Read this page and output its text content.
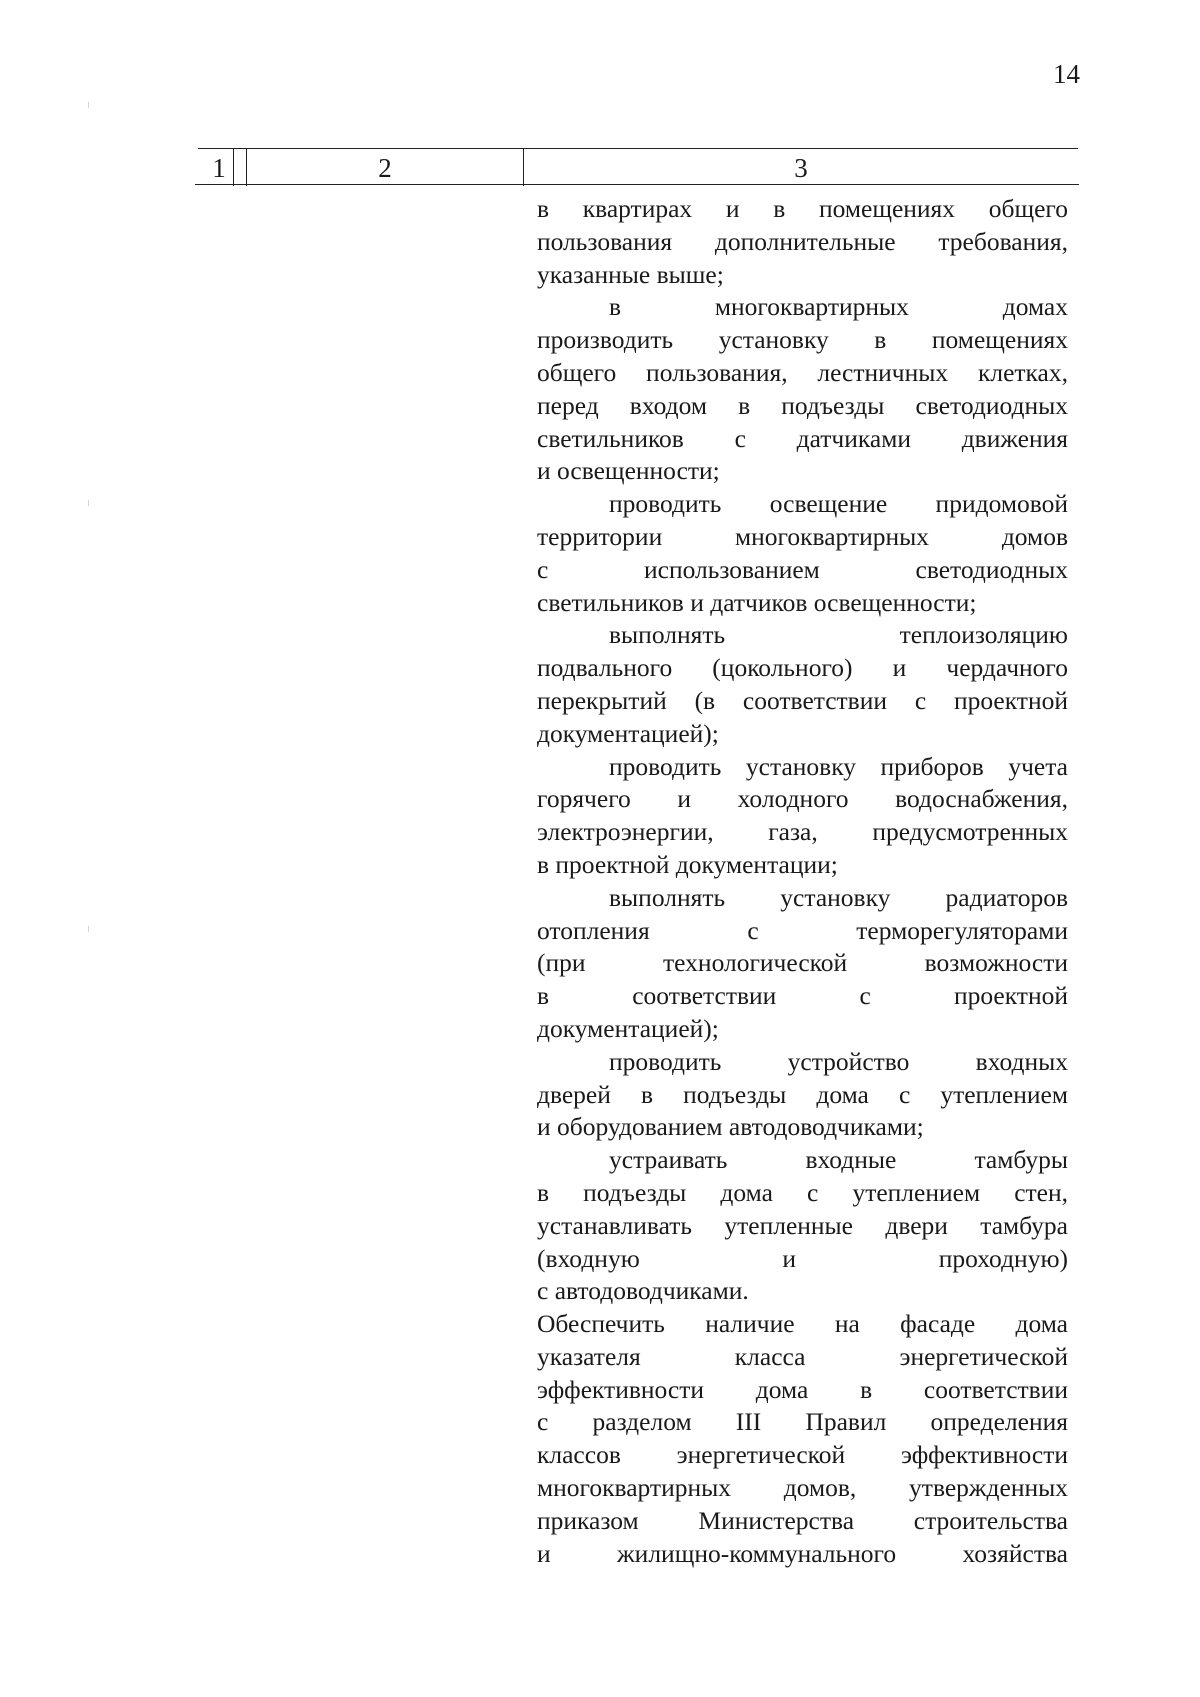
14
1	2	3
в квартирах и в помещениях общего
пользования дополнительные требования,
указанные выше;
в многоквартирных домах
производить установку в помещениях
общего пользования, лестничных клетках,
перед входом в подъезды светодиодных
светильников с датчиками движения
и освещенности;
проводить освещение придомовой
территории многоквартирных домов
с использованием светодиодных
светильников и датчиков освещенности;
выполнять теплоизоляцию
подвального (цокольного) и чердачного
перекрытий (в соответствии с проектной
документацией);
проводить установку приборов учета
горячего и холодного водоснабжения,
электроэнергии, газа, предусмотренных
в проектной документации;
выполнять установку радиаторов
отопления с терморегуляторами
(при технологической возможности
в соответствии с проектной
документацией);
проводить устройство входных
дверей в подъезды дома с утеплением
и оборудованием автодоводчиками;
устраивать входные тамбуры
в подъезды дома с утеплением стен,
устанавливать утепленные двери тамбура
(входную и проходную)
с автодоводчиками.
Обеспечить наличие на фасаде дома
указателя класса энергетической
эффективности дома в соответствии
с разделом III Правил определения
классов энергетической эффективности
многоквартирных домов, утвержденных
приказом Министерства строительства
и жилищно-коммунального хозяйства
